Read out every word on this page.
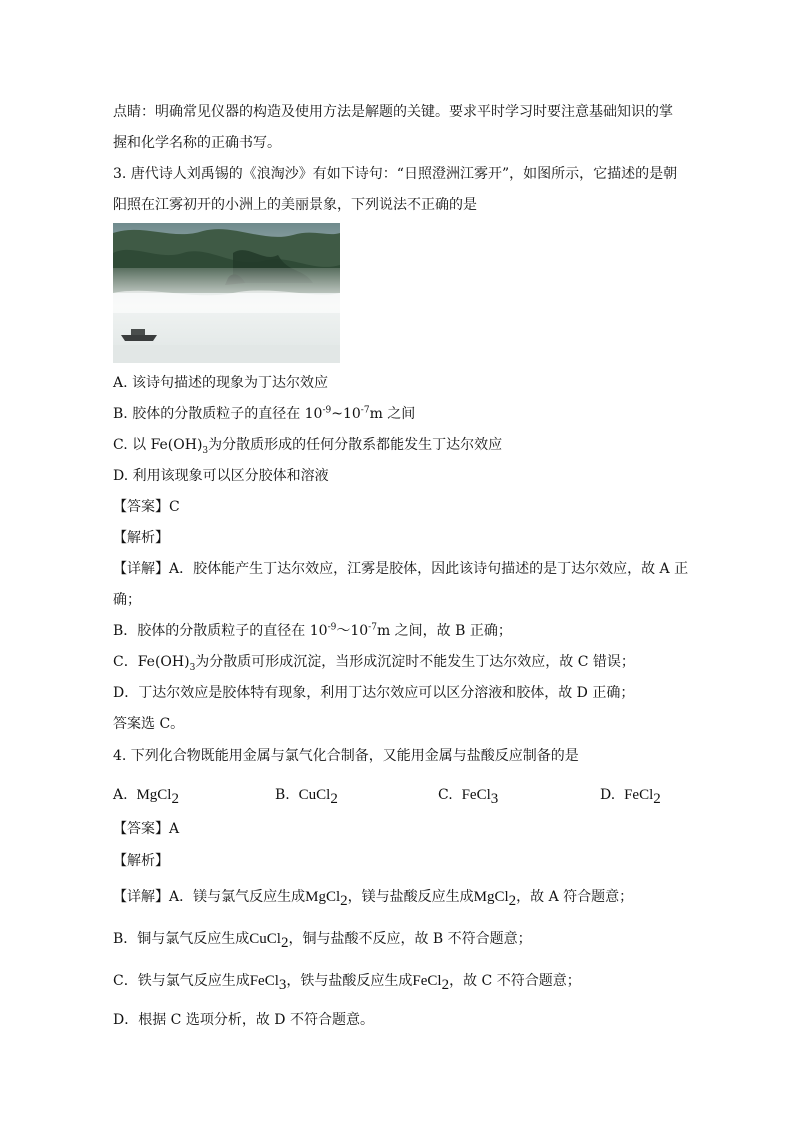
点睛：明确常见仪器的构造及使用方法是解题的关键。要求平时学习时要注意基础知识的掌
握和化学名称的正确书写。
3. 唐代诗人刘禹锡的《浪淘沙》有如下诗句：“日照澄洲江雾开”，如图所示，它描述的是朝
阳照在江雾初开的小洲上的美丽景象，下列说法不正确的是
A. 该诗句描述的现象为丁达尔效应
B. 胶体的分散质粒子的直径在 $10^{-9}\sim 10^{-7}m$ 之间
C. 以 $Fe(OH)_3$为分散质形成的任何分散系都能发生丁达尔效应
D. 利用该现象可以区分胶体和溶液
【答案】C
【解析】
【详解】A．胶体能产生丁达尔效应，江雾是胶体，因此该诗句描述的是丁达尔效应，故 A 正
确；
B．胶体的分散质粒子的直径在 $10^{-9}\sim 10^{-7}m$ 之间，故 B 正确；
C．$Fe(OH)_3$为分散质可形成沉淀，当形成沉淀时不能发生丁达尔效应，故 C 错误；
D．丁达尔效应是胶体特有现象，利用丁达尔效应可以区分溶液和胶体，故 D 正确；
答案选 C。
4. 下列化合物既能用金属与氯气化合制备，又能用金属与盐酸反应制备的是
A. MgCl$_2$	B. CuCl$_2$	C. FeCl$_3$	D. FeCl$_2$
【答案】A
【解析】
【详解】A．镁与氯气反应生成MgCl$_2$，镁与盐酸反应生成MgCl$_2$，故 A 符合题意；
B．铜与氯气反应生成CuCl$_2$，铜与盐酸不反应，故 B 不符合题意；
C．铁与氯气反应生成FeCl$_3$，铁与盐酸反应生成FeCl$_2$，故 C 不符合题意；
D．根据 C 选项分析，故 D 不符合题意。
